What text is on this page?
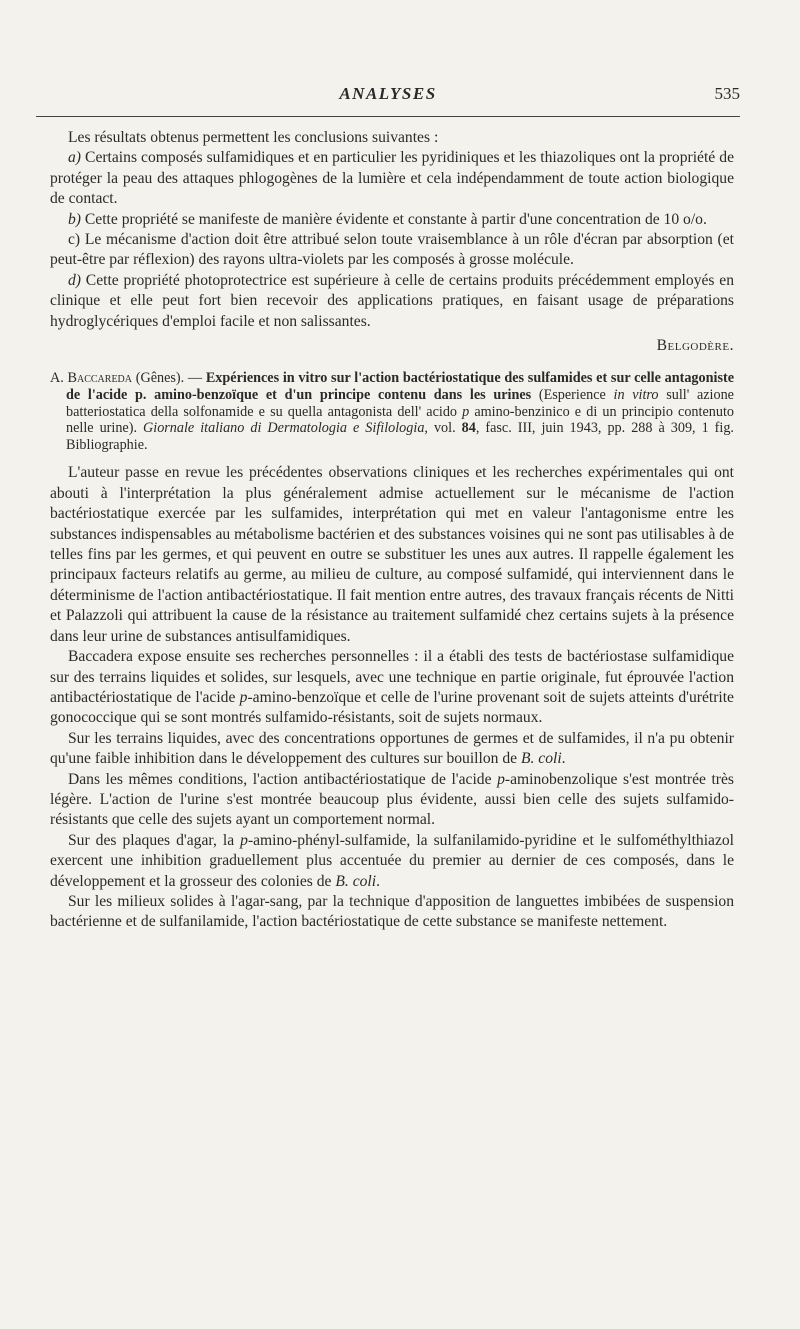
ANALYSES	535

Les résultats obtenus permettent les conclusions suivantes :

a) Certains composés sulfamidiques et en particulier les pyridiniques et les thiazoliques ont la propriété de protéger la peau des attaques phlogogènes de la lumière et cela indépendamment de toute action biologique de contact.

b) Cette propriété se manifeste de manière évidente et constante à partir d'une concentration de 10 o/o.

c) Le mécanisme d'action doit être attribué selon toute vraisemblance à un rôle d'écran par absorption (et peut-être par réflexion) des rayons ultra-violets par les composés à grosse molécule.

d) Cette propriété photoprotectrice est supérieure à celle de certains produits précédemment employés en clinique et elle peut fort bien recevoir des applications pratiques, en faisant usage de préparations hydroglycériques d'emploi facile et non salissantes.

Belgodère.

A. Baccareda (Gênes). — Expériences in vitro sur l'action bactériostatique des sulfamides et sur celle antagoniste de l'acide p. amino-benzoïque et d'un principe contenu dans les urines (Esperience in vitro sull' azione batteriostatica della solfonamide e su quella antagonista dell' acido p amino-benzinico e di un principio contenuto nelle urine). Giornale italiano di Dermatologia e Sifilologia, vol. 84, fasc. III, juin 1943, pp. 288 à 309, 1 fig. Bibliographie.

L'auteur passe en revue les précédentes observations cliniques et les recherches expérimentales qui ont abouti à l'interprétation la plus généralement admise actuellement sur le mécanisme de l'action bactériostatique exercée par les sulfamides, interprétation qui met en valeur l'antagonisme entre les substances indispensables au métabolisme bactérien et des substances voisines qui ne sont pas utilisables à de telles fins par les germes, et qui peuvent en outre se substituer les unes aux autres. Il rappelle également les principaux facteurs relatifs au germe, au milieu de culture, au composé sulfamidé, qui interviennent dans le déterminisme de l'action antibactériostatique. Il fait mention entre autres, des travaux français récents de Nitti et Palazzoli qui attribuent la cause de la résistance au traitement sulfamidé chez certains sujets à la présence dans leur urine de substances antisulfamidiques.

Baccadera expose ensuite ses recherches personnelles : il a établi des tests de bactériostase sulfamidique sur des terrains liquides et solides, sur lesquels, avec une technique en partie originale, fut éprouvée l'action antibactériostatique de l'acide p-amino-benzoïque et celle de l'urine provenant soit de sujets atteints d'urétrite gonococcique qui se sont montrés sulfamido-résistants, soit de sujets normaux.

Sur les terrains liquides, avec des concentrations opportunes de germes et de sulfamides, il n'a pu obtenir qu'une faible inhibition dans le développement des cultures sur bouillon de B. coli.

Dans les mêmes conditions, l'action antibactériostatique de l'acide p-aminobenzolique s'est montrée très légère. L'action de l'urine s'est montrée beaucoup plus évidente, aussi bien celle des sujets sulfamido-résistants que celle des sujets ayant un comportement normal.

Sur des plaques d'agar, la p-amino-phényl-sulfamide, la sulfanilamido-pyridine et le sulfométhylthiazol exercent une inhibition graduellement plus accentuée du premier au dernier de ces composés, dans le développement et la grosseur des colonies de B. coli.

Sur les milieux solides à l'agar-sang, par la technique d'apposition de languettes imbibées de suspension bactérienne et de sulfanilamide, l'action bactériostatique de cette substance se manifeste nettement.
